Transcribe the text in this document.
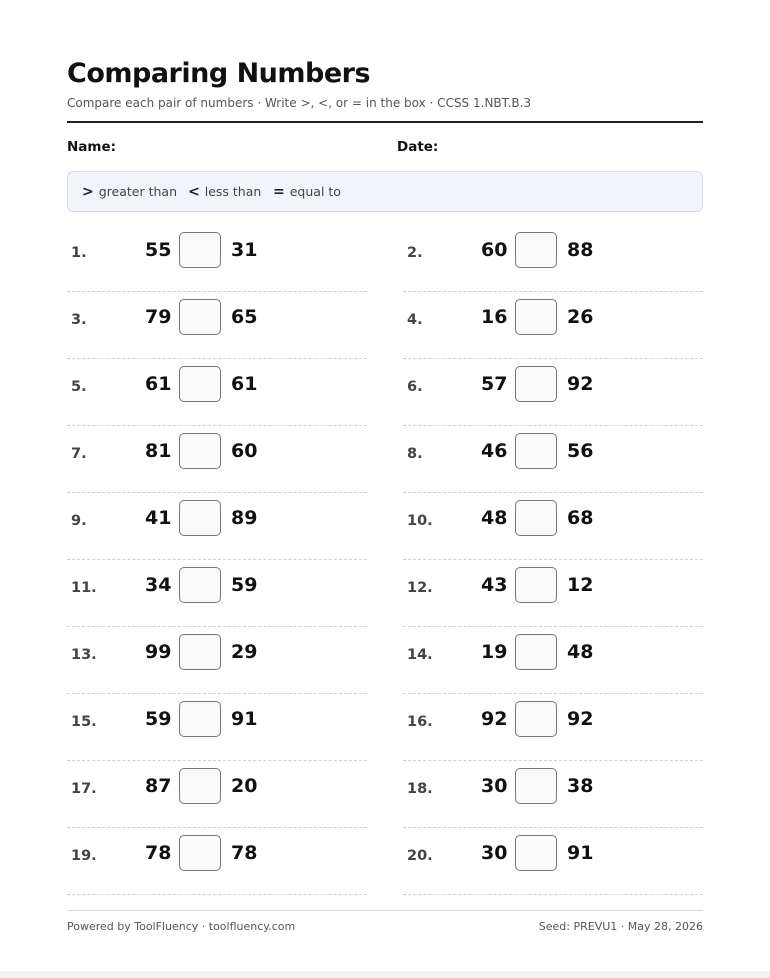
Comparing Numbers
Compare each pair of numbers · Write >, <, or = in the box · CCSS 1.NBT.B.3
Name:	Date:
> greater than < less than = equal to
1.	55	31	2.	60	88
3.	79	65	4.	16	26
5.	61	61	6.	57	92
7.	81	60	8.	46	56
9.	41	89	10.	48	68
11.	34	59	12.	43	12
13.	99	29	14.	19	48
15.	59	91	16.	92	92
17.	87	20	18.	30	38
19.	78	78	20.	30	91
Powered by ToolFluency · toolfluency.com	Seed: PREVU1 · May 28, 2026
